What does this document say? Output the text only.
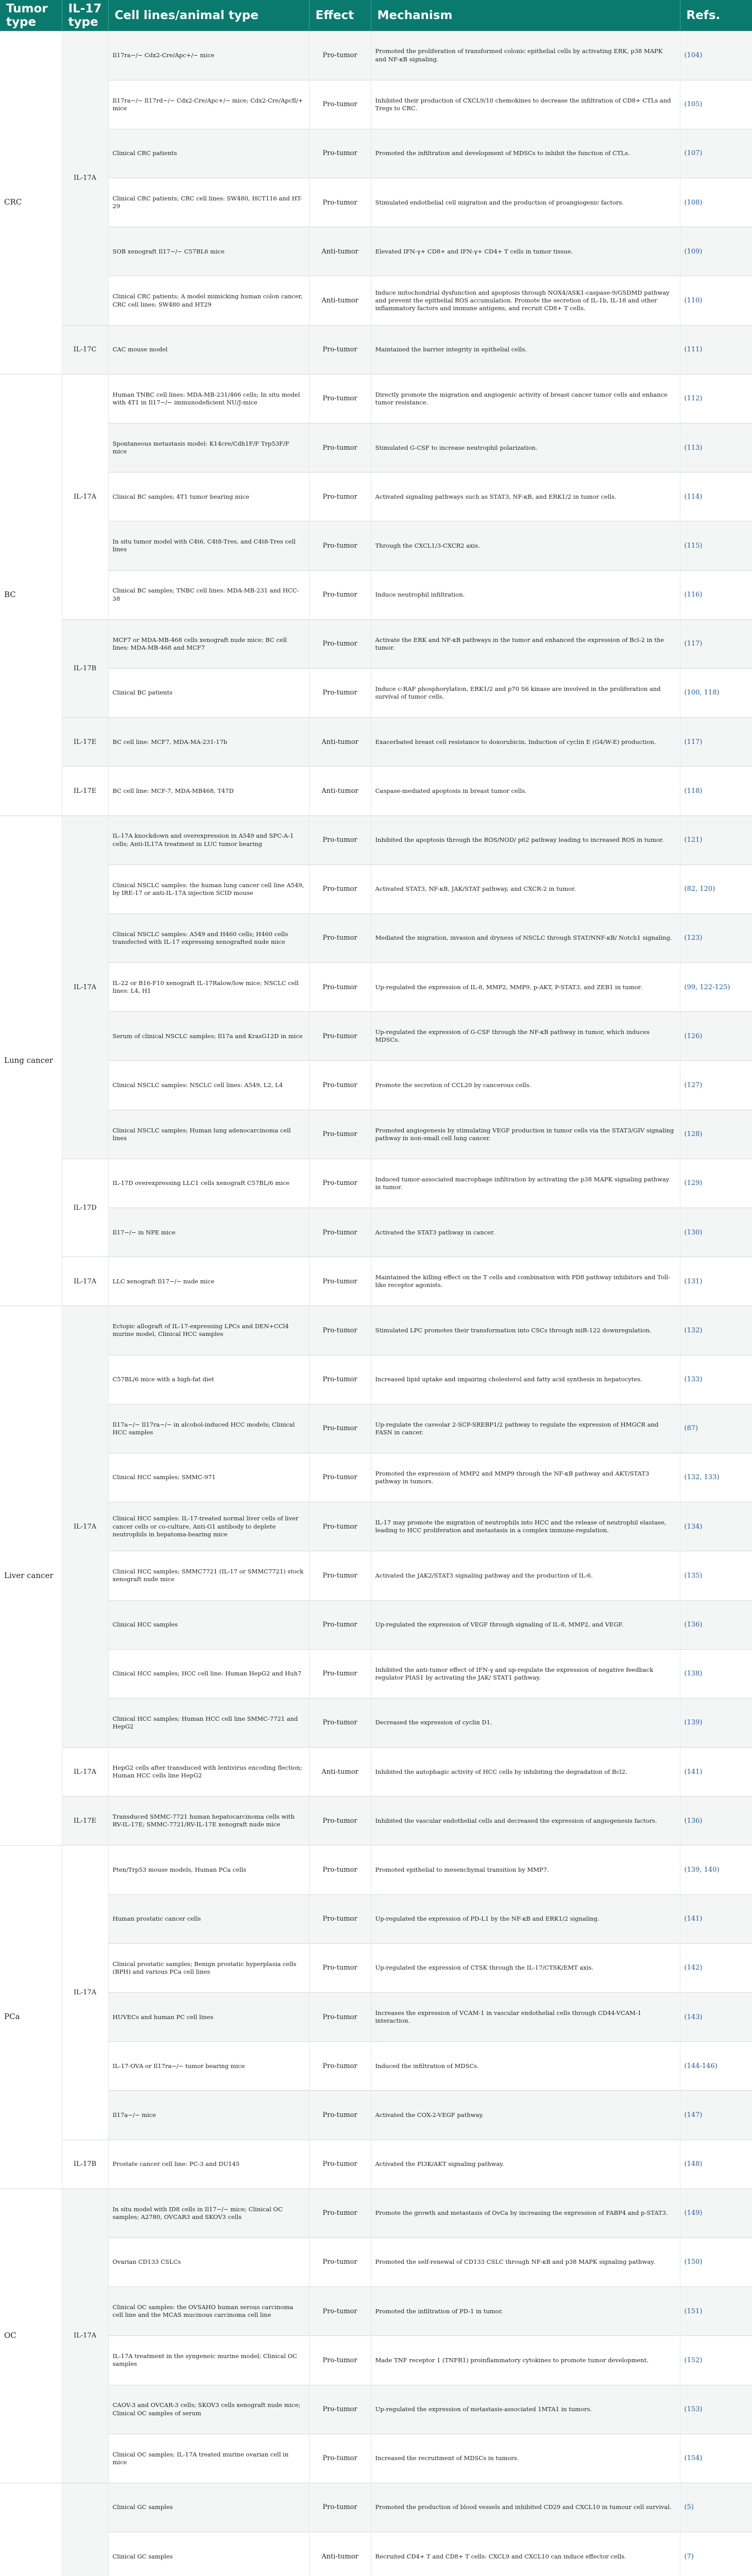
Tumor type	IL-17 type	Cell lines/animal type	Effect	Mechanism	Refs.
CRC	IL-17A	Il17ra−/− Cdx2-Cre/Apc+/− mice	Pro-tumor	Promoted the proliferation of transformed colonic epithelial cells by activating ERK, p38 MAPK and NF-κB signaling.	(104)
		Il17ra−/− Il17rd−/− Cdx2-Cre/Apc+/− mice; Cdx2-Cre/Apcfl/+ mice	Pro-tumor	Inhibited their production of CXCL9/10 chemokines to decrease the infiltration of CD8+ CTLs and Tregs to CRC.	(105)
		Clinical CRC patients	Pro-tumor	Promoted the infiltration and development of MDSCs to inhibit the function of CTLs.	(107)
		Clinical CRC patients; CRC cell lines: SW480, HCT116 and HT-29	Pro-tumor	Stimulated endothelial cell migration and the production of proangiogenic factors.	(108)
		SOB xenograft Il17−/− C57BL6 mice	Anti-tumor	Elevated IFN-γ+ CD8+ and IFN-γ+ CD4+ T cells in tumor tissue.	(109)
		Clinical CRC patients; A model mimicking human colon cancer, CRC cell lines: SW480 and HT29	Anti-tumor	Induce mitochondrial dysfunction and apoptosis through NOX4/ASK1-caspase-9/GSDMD pathway and prevent the epithelial ROS accumulation. Promote the secretion of IL-1b, IL-18 and other inflammatory factors and immune antigens, and recruit CD8+ T cells.	(110)
	IL-17C	CAC mouse model	Pro-tumor	Maintained the barrier integrity in epithelial cells.	(111)
BC	IL-17A	Human TNBC cell lines: MDA-MB-231/466 cells; In situ model with 4T1 in Il17−/− immunodeficient NU/J-mice	Pro-tumor	Directly promote the migration and angiogenic activity of breast cancer tumor cells and enhance tumor resistance.	(112)
		Spontaneous metastasis model: K14cre/Cdh1F/F Trp53F/F mice	Pro-tumor	Stimulated G-CSF to increase neutrophil polarization.	(113)
		Clinical BC samples; 4T1 tumor bearing mice	Pro-tumor	Activated signaling pathways such as STAT3, NF-κB, and ERK1/2 in tumor cells.	(114)
		In situ tumor model with C4t6, C4t8-Tres, and C4t8-Tres cell lines	Pro-tumor	Through the CXCL1/3-CXCR2 axis.	(115)
		Clinical BC samples; TNBC cell lines: MDA-MB-231 and HCC-38	Pro-tumor	Induce neutrophil infiltration.	(116)
	IL-17B	MCF7 or MDA-MB-468 cells xenograft nude mice; BC cell lines: MDA-MB-468 and MCF7	Pro-tumor	Activate the ERK and NF-κB pathways in the tumor and enhanced the expression of Bcl-2 in the tumor.	(117)
		Clinical BC patients	Pro-tumor	Induce c-RAF phosphorylation, ERK1/2 and p70 S6 kinase are involved in the proliferation and survival of tumor cells.	(100, 118)
	IL-17E	BC cell line: MCF7, MDA-MA-231-17b	Anti-tumor	Exacerbated breast cell resistance to doxorubicin. Induction of cyclin E (G4/W-E) production.	(117)
	IL-17E	BC cell line: MCF-7, MDA-MB468, T47D	Anti-tumor	Caspase-mediated apoptosis in breast tumor cells.	(118)
Lung cancer	IL-17A	IL-17A knockdown and overexpression in A549 and SPC-A-1 cells; Anti-IL17A treatment in LUC tumor bearing	Pro-tumor	Inhibited the apoptosis through the ROS/NOD/ p62 pathway leading to increased ROS in tumor.	(121)
		Clinical NSCLC samples: the human lung cancer cell line A549, by IRE-17 or anti-IL-17A injection SCID mouse	Pro-tumor	Activated STAT3, NF-κB, JAK/STAT pathway, and CXCR-2 in tumor.	(82, 120)
		Clinical NSCLC samples: A549 and H460 cells; H460 cells transfected with IL-17 expressing xenografted nude mice	Pro-tumor	Mediated the migration, invasion and dryness of NSCLC through STAT/NNF-κB/ Notch1 signaling.	(123)
		IL-22 or B16-F10 xenograft IL-17Ralow/low mice; NSCLC cell lines: L4, H1	Pro-tumor	Up-regulated the expression of IL-8, MMP2, MMP9, p-AKT, P-STAT3, and ZEB1 in tumor.	(99, 122-125)
		Serum of clinical NSCLC samples; Il17a and KrasG12D in mice	Pro-tumor	Up-regulated the expression of G-CSF through the NF-κB pathway in tumor, which induces MDSCs.	(126)
		Clinical NSCLC samples: NSCLC cell lines: A549, L2, L4	Pro-tumor	Promote the secretion of CCL20 by cancerous cells.	(127)
		Clinical NSCLC samples; Human lung adenocarcinoma cell lines	Pro-tumor	Promoted angiogenesis by stimulating VEGF production in tumor cells via the STAT3/GIV signaling pathway in non-small cell lung cancer.	(128)
	IL-17D	IL-17D overexpressing LLC1 cells xenograft C57BL/6 mice	Pro-tumor	Induced tumor-associated macrophage infiltration by activating the p38 MAPK signaling pathway in tumor.	(129)
		Il17−/− in NPE mice	Pro-tumor	Activated the STAT3 pathway in cancer.	(130)
	IL-17A	LLC xenograft Il17−/− nude mice	Pro-tumor	Maintained the killing effect on the T cells and combination with PD8 pathway inhibitors and Toll-like receptor agonists.	(131)
Liver cancer	IL-17A	Ectopic allograft of IL-17-expressing LPCs and DEN+CCl4 murine model, Clinical HCC samples	Pro-tumor	Stimulated LPC promotes their transformation into CSCs through miR-122 downregulation.	(132)
		C57BL/6 mice with a high-fat diet	Pro-tumor	Increased lipid uptake and impairing cholesterol and fatty acid synthesis in hepatocytes.	(133)
		Il17a−/− Il17ra−/− in alcohol-induced HCC models; Clinical HCC samples	Pro-tumor	Up-regulate the caveolar 2-SCP-SREBP1/2 pathway to regulate the expression of HMGCR and FASN in cancer.	(87)
		Clinical HCC samples; SMMC-971	Pro-tumor	Promoted the expression of MMP2 and MMP9 through the NF-κB pathway and AKT/STAT3 pathway in tumors.	(132, 133)
		Clinical HCC samples: IL-17-treated normal liver cells of liver cancer cells or co-culture, Anti-G1 antibody to deplete neutrophils in hepatoma-bearing mice	Pro-tumor	IL-17 may promote the migration of neutrophils into HCC and the release of neutrophil elastase, leading to HCC proliferation and metastasis in a complex immune-regulation.	(134)
		Clinical HCC samples; SMMC7721 (IL-17 or SMMC7721) stock xenograft nude mice	Pro-tumor	Activated the JAK2/STAT3 signaling pathway and the production of IL-6.	(135)
		Clinical HCC samples	Pro-tumor	Up-regulated the expression of VEGF through signaling of IL-8, MMP2, and VEGF.	(136)
		Clinical HCC samples; HCC cell line: Human HepG2 and Huh7	Pro-tumor	Inhibited the anti-tumor effect of IFN-γ and up-regulate the expression of negative feedback regulator PIAS1 by activating the JAK/ STAT1 pathway.	(138)
		Clinical HCC samples; Human HCC cell line SMMC-7721 and HepG2	Pro-tumor	Decreased the expression of cyclin D1.	(139)
	IL-17A	HepG2 cells after transduced with lentivirus encoding flection; Human HCC cells line HepG2	Anti-tumor	Inhibited the autophagic activity of HCC cells by inhibiting the degradation of Bcl2.	(141)
	IL-17E	Transduced SMMC-7721 human hepatocarcinoma cells with RV-IL-17E; SMMC-7721/RV-IL-17E xenograft nude mice	Pro-tumor	Inhibited the vascular endothelial cells and decreased the expression of angiogenesis factors.	(136)
PCa	IL-17A	Pten/Trp53 mouse models, Human PCa cells	Pro-tumor	Promoted epithelial to mesenchymal transition by MMP7.	(139, 140)
		Human prostatic cancer cells	Pro-tumor	Up-regulated the expression of PD-L1 by the NF-κB and ERK1/2 signaling.	(141)
		Clinical prostatic samples; Benign prostatic hyperplasia cells (BPH) and various PCa cell lines	Pro-tumor	Up-regulated the expression of CTSK through the IL-17/CTSK/EMT axis.	(142)
		HUVECs and human PC cell lines	Pro-tumor	Increases the expression of VCAM-1 in vascular endothelial cells through CD44-VCAM-1 interaction.	(143)
		IL-17-OVA or Il17ra−/− tumor bearing mice	Pro-tumor	Induced the infiltration of MDSCs.	(144-146)
		Il17a−/− mice	Pro-tumor	Activated the COX-2-VEGF pathway.	(147)
	IL-17B	Prostate cancer cell line: PC-3 and DU145	Pro-tumor	Activated the PI3K/AKT signaling pathway.	(148)
OC	IL-17A	In situ model with ID8 cells in Il17−/− mice; Clinical OC samples; A2780, OVCAR3 and SKOV3 cells	Pro-tumor	Promote the growth and metastasis of OvCa by increasing the expression of FABP4 and p-STAT3.	(149)
		Ovarian CD133 CSLCs	Pro-tumor	Promoted the self-renewal of CD133 CSLC through NF-κB and p38 MAPK signaling pathway.	(150)
		Clinical OC samples: the OVSAHO human serous carcinoma cell line and the MCAS mucinous carcinoma cell line	Pro-tumor	Promoted the infiltration of PD-1 in tumor.	(151)
		IL-17A treatment in the syngeneic murine model; Clinical OC samples	Pro-tumor	Made TNF receptor 1 (TNFR1) proinflammatory cytokines to promote tumor development.	(152)
		CAOV-3 and OVCAR-3 cells; SKOV3 cells xenograft nude mice; Clinical OC samples of serum	Pro-tumor	Up-regulated the expression of metastasis-associated 1MTA1 in tumors.	(153)
		Clinical OC samples; IL-17A treated murine ovarian cell in mice	Pro-tumor	Increased the recruitment of MDSCs in tumors.	(154)
		Clinical GC samples	Pro-tumor	Promoted the production of blood vessels and inhibited CD29 and CXCL10 in tumour cell survival.	(5)
		Clinical GC samples	Anti-tumor	Recruited CD4+ T and CD8+ T cells: CXCL9 and CXCL10 can induce effector cells.	(7)
